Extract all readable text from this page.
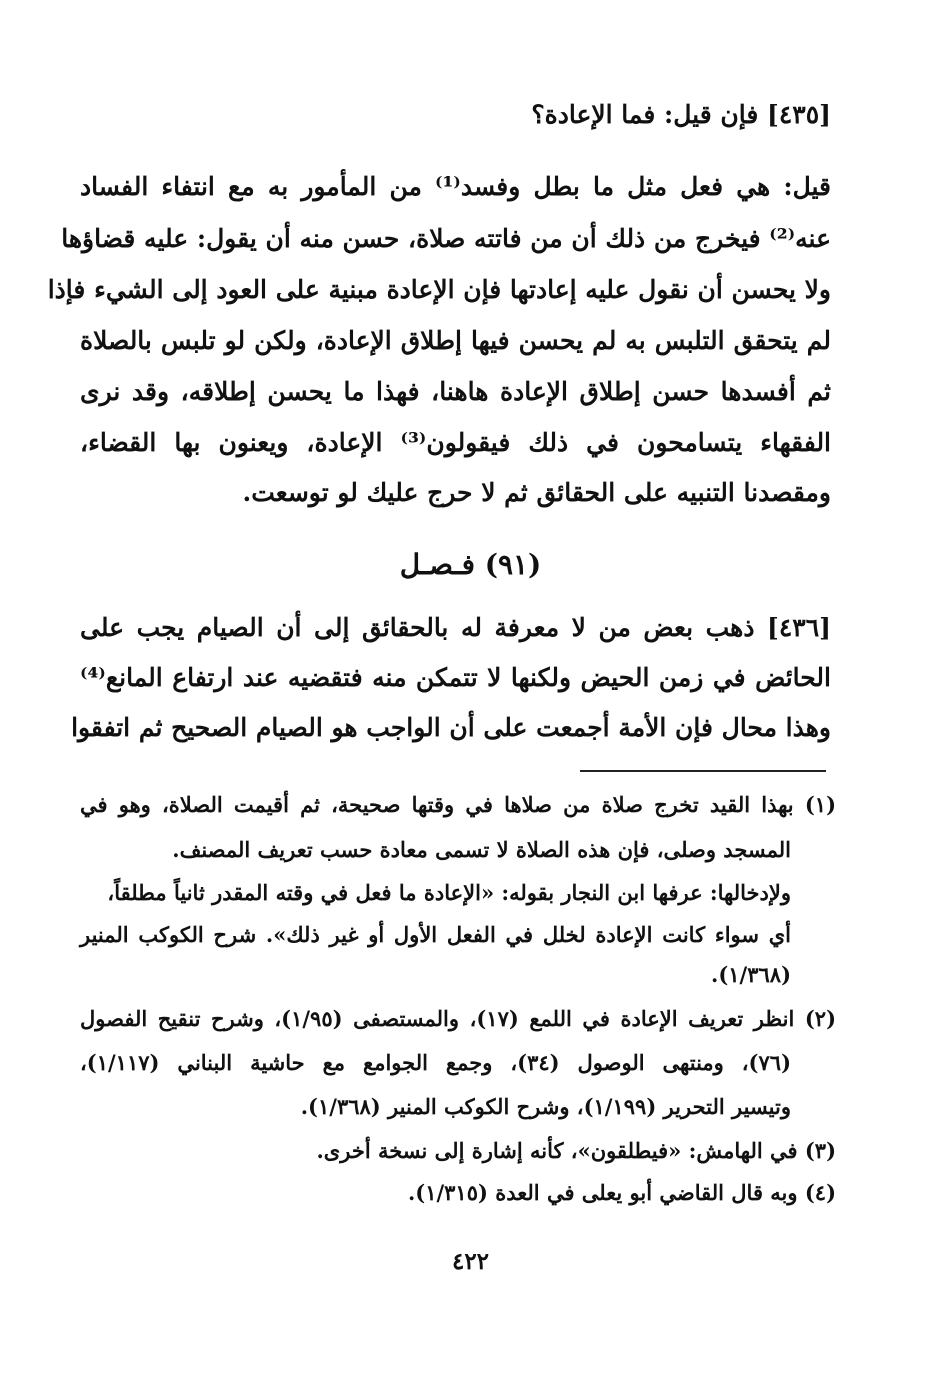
[٤٣٥] فإن قيل: فما الإعادة؟
قيل: هي فعل مثل ما بطل وفسد⁽¹⁾ من المأمور به مع انتفاء الفساد
عنه⁽²⁾ فيخرج من ذلك أن من فاتته صلاة، حسن منه أن يقول: عليه قضاؤها
ولا يحسن أن نقول عليه إعادتها فإن الإعادة مبنية على العود إلى الشيء فإذا
لم يتحقق التلبس به لم يحسن فيها إطلاق الإعادة، ولكن لو تلبس بالصلاة
ثم أفسدها حسن إطلاق الإعادة هاهنا، فهذا ما يحسن إطلاقه، وقد نرى
الفقهاء يتسامحون في ذلك فيقولون⁽³⁾ الإعادة، ويعنون بها القضاء،
ومقصدنا التنبيه على الحقائق ثم لا حرج عليك لو توسعت.
(٩١) فـصـل
[٤٣٦] ذهب بعض من لا معرفة له بالحقائق إلى أن الصيام يجب على
الحائض في زمن الحيض ولكنها لا تتمكن منه فتقضيه عند ارتفاع المانع⁽⁴⁾
وهذا محال فإن الأمة أجمعت على أن الواجب هو الصيام الصحيح ثم اتفقوا
(١) بهذا القيد تخرج صلاة من صلاها في وقتها صحيحة، ثم أقيمت الصلاة، وهو في
المسجد وصلى، فإن هذه الصلاة لا تسمى معادة حسب تعريف المصنف.
ولإدخالها: عرفها ابن النجار بقوله: «الإعادة ما فعل في وقته المقدر ثانياً مطلقاً،
أي سواء كانت الإعادة لخلل في الفعل الأول أو غير ذلك». شرح الكوكب المنير
(١/٣٦٨).
(٢) انظر تعريف الإعادة في اللمع (١٧)، والمستصفى (١/٩٥)، وشرح تنقيح الفصول
(٧٦)، ومنتهى الوصول (٣٤)، وجمع الجوامع مع حاشية البناني (١/١١٧)،
وتيسير التحرير (١/١٩٩)، وشرح الكوكب المنير (١/٣٦٨).
(٣) في الهامش: «فيطلقون»، كأنه إشارة إلى نسخة أخرى.
(٤) وبه قال القاضي أبو يعلى في العدة (١/٣١٥).
٤٢٢
